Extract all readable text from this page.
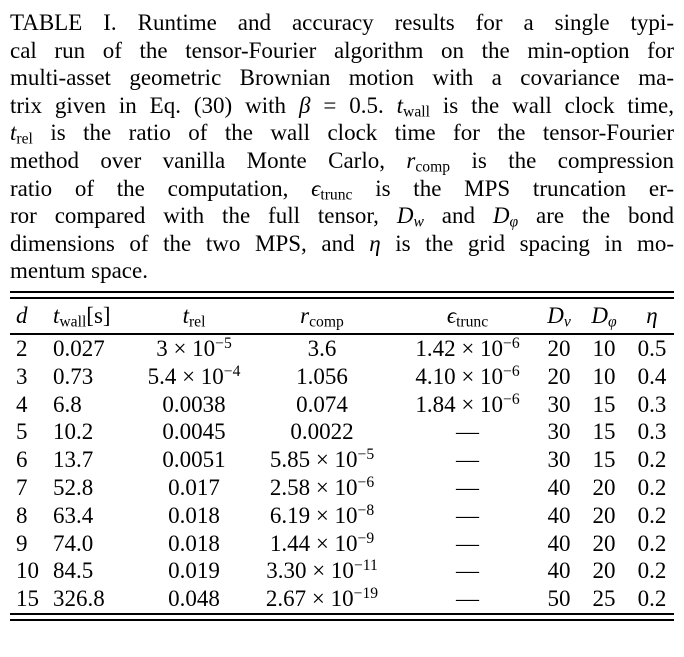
TABLE I. Runtime and accuracy results for a single typi-
cal run of the tensor-Fourier algorithm on the min-option for
multi-asset geometric Brownian motion with a covariance ma-
trix given in Eq. (30) with β = 0.5. $t_{wall}$ is the wall clock time,
$t_{rel}$ is the ratio of the wall clock time for the tensor-Fourier
method over vanilla Monte Carlo, $r_{comp}$ is the compression
ratio of the computation, $\epsilon_{trunc}$ is the MPS truncation er-
ror compared with the full tensor, $D_w$ and $D_\varphi$ are the bond
dimensions of the two MPS, and η is the grid spacing in mo-
mentum space.
d	$t_{wall}[s]$	$t_{rel}$	$r_{comp}$	$\epsilon_{trunc}$	$D_v$	$D_\varphi$	η
2	0.027	$3 \times 10^{-5}$	3.6	$1.42 \times 10^{-6}$	20	10	0.5
3	0.73	$5.4 \times 10^{-4}$	1.056	$4.10 \times 10^{-6}$	20	10	0.4
4	6.8	0.0038	0.074	$1.84 \times 10^{-6}$	30	15	0.3
5	10.2	0.0045	0.0022	—	30	15	0.3
6	13.7	0.0051	$5.85 \times 10^{-5}$	—	30	15	0.2
7	52.8	0.017	$2.58 \times 10^{-6}$	—	40	20	0.2
8	63.4	0.018	$6.19 \times 10^{-8}$	—	40	20	0.2
9	74.0	0.018	$1.44 \times 10^{-9}$	—	40	20	0.2
10	84.5	0.019	$3.30 \times 10^{-11}$	—	40	20	0.2
15	326.8	0.048	$2.67 \times 10^{-19}$	—	50	25	0.2
